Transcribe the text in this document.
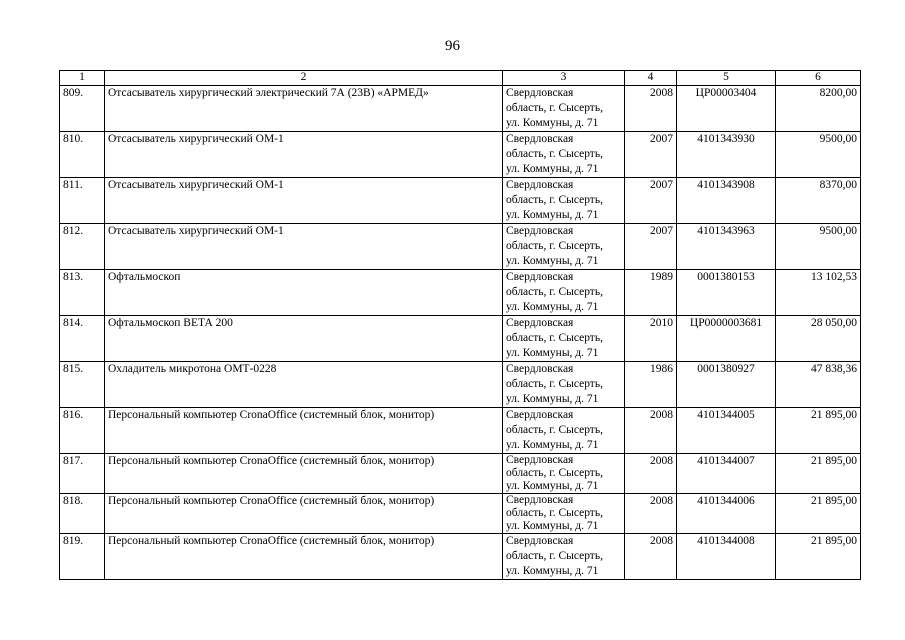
96
1	2	3	4	5	6
809.	Отсасыватель хирургический электрический 7А (23В) «АРМЕД»	Свердловская
область, г. Сысерть,
ул. Коммуны, д. 71	2008	ЦР00003404	8200,00
810.	Отсасыватель хирургический ОМ-1	Свердловская
область, г. Сысерть,
ул. Коммуны, д. 71	2007	4101343930	9500,00
811.	Отсасыватель хирургический ОМ-1	Свердловская
область, г. Сысерть,
ул. Коммуны, д. 71	2007	4101343908	8370,00
812.	Отсасыватель хирургический ОМ-1	Свердловская
область, г. Сысерть,
ул. Коммуны, д. 71	2007	4101343963	9500,00
813.	Офтальмоскоп	Свердловская
область, г. Сысерть,
ул. Коммуны, д. 71	1989	0001380153	13 102,53
814.	Офтальмоскоп ВЕТА 200	Свердловская
область, г. Сысерть,
ул. Коммуны, д. 71	2010	ЦР0000003681	28 050,00
815.	Охладитель микротона ОМТ-0228	Свердловская
область, г. Сысерть,
ул. Коммуны, д. 71	1986	0001380927	47 838,36
816.	Персональный компьютер CronaOffice (системный блок, монитор)	Свердловская
область, г. Сысерть,
ул. Коммуны, д. 71	2008	4101344005	21 895,00
817.	Персональный компьютер CronaOffice (системный блок, монитор)	Свердловская
область, г. Сысерть,
ул. Коммуны, д. 71	2008	4101344007	21 895,00
818.	Персональный компьютер CronaOffice (системный блок, монитор)	Свердловская
область, г. Сысерть,
ул. Коммуны, д. 71	2008	4101344006	21 895,00
819.	Персональный компьютер CronaOffice (системный блок, монитор)	Свердловская
область, г. Сысерть,
ул. Коммуны, д. 71	2008	4101344008	21 895,00
